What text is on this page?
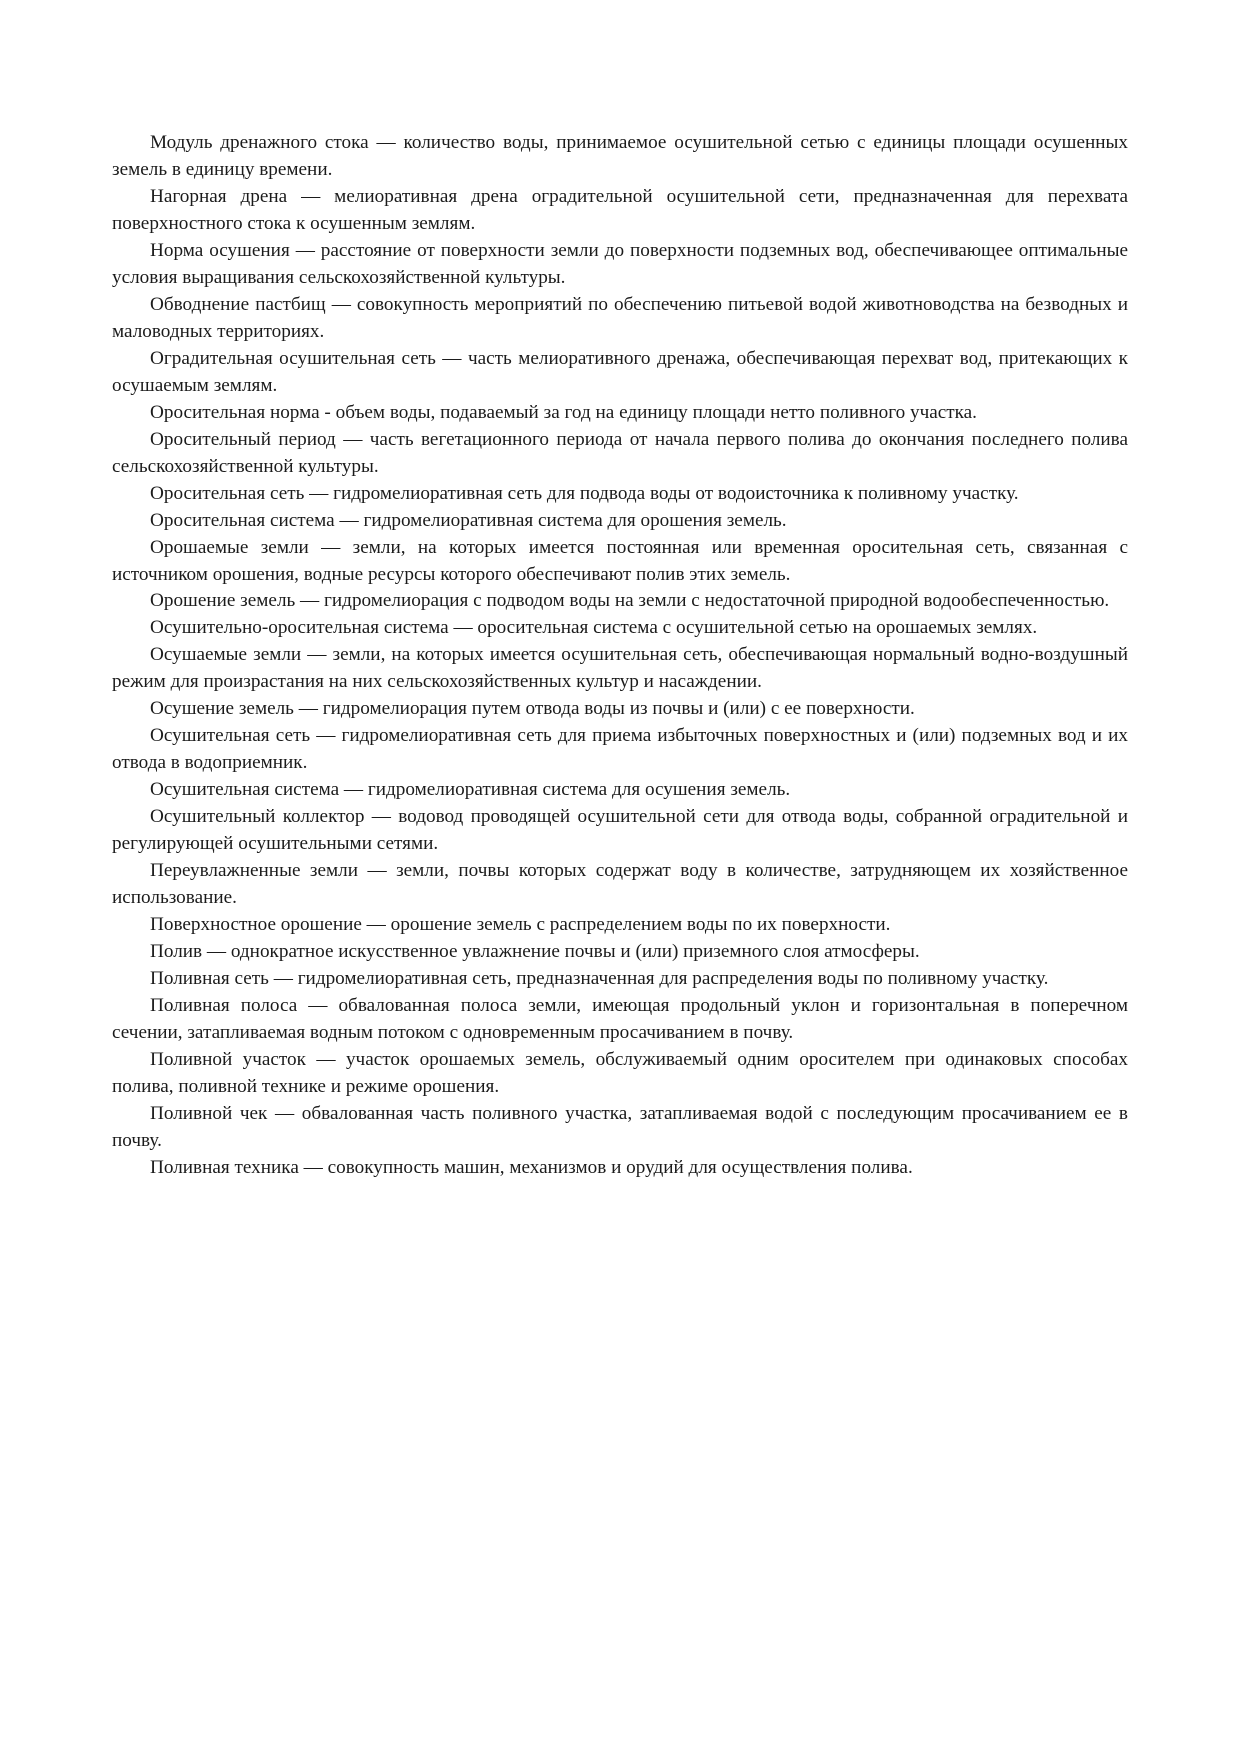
Модуль дренажного стока — количество воды, принимаемое осушительной сетью с единицы площади осушенных земель в единицу времени.

Нагорная дрена — мелиоративная дрена оградительной осушительной сети, предназначенная для перехвата поверхностного стока к осушенным землям.

Норма осушения — расстояние от поверхности земли до поверхности подземных вод, обеспечивающее оптимальные условия выращивания сельскохозяйственной культуры.

Обводнение пастбищ — совокупность мероприятий по обеспечению питьевой водой животноводства на безводных и маловодных территориях.

Оградительная осушительная сеть — часть мелиоративного дренажа, обеспечивающая перехват вод, притекающих к осушаемым землям.

Оросительная норма - объем воды, подаваемый за год на единицу площади нетто поливного участка.

Оросительный период — часть вегетационного периода от начала первого полива до окончания последнего полива сельскохозяйственной культуры.

Оросительная сеть — гидромелиоративная сеть для подвода воды от водоисточника к поливному участку.

Оросительная система — гидромелиоративная система для орошения земель.

Орошаемые земли — земли, на которых имеется постоянная или временная оросительная сеть, связанная с источником орошения, водные ресурсы которого обеспечивают полив этих земель.

Орошение земель — гидромелиорация с подводом воды на земли с недостаточной природной водообеспеченностью.

Осушительно-оросительная система — оросительная система с осушительной сетью на орошаемых землях.

Осушаемые земли — земли, на которых имеется осушительная сеть, обеспечивающая нормальный водно-воздушный режим для произрастания на них сельскохозяйственных культур и насаждении.

Осушение земель — гидромелиорация путем отвода воды из почвы и (или) с ее поверхности.

Осушительная сеть — гидромелиоративная сеть для приема избыточных поверхностных и (или) подземных вод и их отвода в водоприемник.

Осушительная система — гидромелиоративная система для осушения земель.

Осушительный коллектор — водовод проводящей осушительной сети для отвода воды, собранной оградительной и регулирующей осушительными сетями.

Переувлажненные земли — земли, почвы которых содержат воду в количестве, затрудняющем их хозяйственное использование.

Поверхностное орошение — орошение земель с распределением воды по их поверхности.

Полив — однократное искусственное увлажнение почвы и (или) приземного слоя атмосферы.

Поливная сеть — гидромелиоративная сеть, предназначенная для распределения воды по поливному участку.

Поливная полоса — обвалованная полоса земли, имеющая продольный уклон и горизонтальная в поперечном сечении, затапливаемая водным потоком с одновременным просачиванием в почву.

Поливной участок — участок орошаемых земель, обслуживаемый одним оросителем при одинаковых способах полива, поливной технике и режиме орошения.

Поливной чек — обвалованная часть поливного участка, затапливаемая водой с последующим просачиванием ее в почву.

Поливная техника — совокупность машин, механизмов и орудий для осуществления полива.
